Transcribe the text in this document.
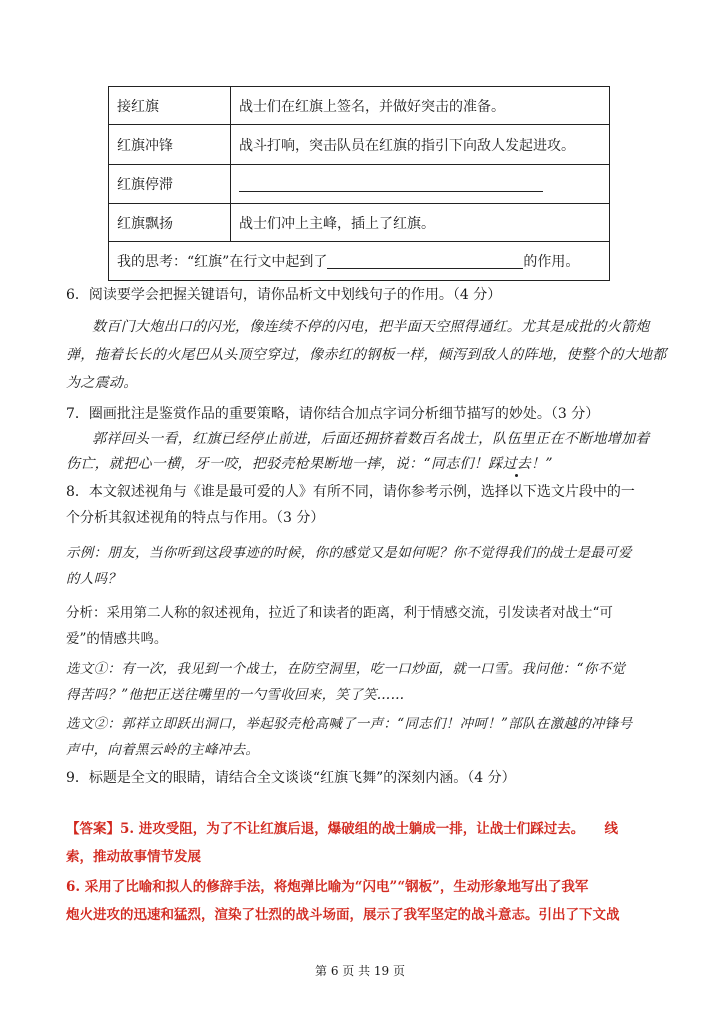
接红旗	战士们在红旗上签名，并做好突击的准备。
红旗冲锋	战斗打响，突击队员在红旗的指引下向敌人发起进攻。
红旗停滞
红旗飘扬	战士们冲上主峰，插上了红旗。
我的思考：“红旗”在行文中起到了	的作用。
6．阅读要学会把握关键语句，请你品析文中划线句子的作用。（4 分）
数百门大炮出口的闪光，像连续不停的闪电，把半面天空照得通红。尤其是成批的火箭炮
弹，拖着长长的火尾巴从头顶空穿过，像赤红的钢板一样，倾泻到敌人的阵地，使整个的大地都
为之震动。
7．圈画批注是鉴赏作品的重要策略，请你结合加点字词分析细节描写的妙处。（3 分）
郭祥回头一看，红旗已经停止前进，后面还拥挤着数百名战士，队伍里正在不断地增加着
伤亡，就把心一横，牙一咬，把驳壳枪果断地一摔，说：“同志们！踩过去！”
8．本文叙述视角与《谁是最可爱的人》有所不同，请你参考示例，选择以下选文片段中的一
个分析其叙述视角的特点与作用。（3 分）
示例：朋友，当你听到这段事迹的时候，你的感觉又是如何呢？你不觉得我们的战士是最可爱
的人吗？
分析：采用第二人称的叙述视角，拉近了和读者的距离，利于情感交流，引发读者对战士“可
爱”的情感共鸣。
选文①：有一次，我见到一个战士，在防空洞里，吃一口炒面，就一口雪。我问他：“你不觉
得苦吗？”他把正送往嘴里的一勺雪收回来，笑了笑……
选文②：郭祥立即跃出洞口，举起驳壳枪高喊了一声：“同志们！冲呵！”部队在激越的冲锋号
声中，向着黑云岭的主峰冲去。
9．标题是全文的眼睛，请结合全文谈谈“红旗飞舞”的深刻内涵。（4 分）
【答案】5. 进攻受阻，为了不让红旗后退，爆破组的战士躺成一排，让战士们踩过去。　　线
索，推动故事情节发展
6. 采用了比喻和拟人的修辞手法，将炮弹比喻为“闪电”“钢板”，生动形象地写出了我军
炮火进攻的迅速和猛烈，渲染了壮烈的战斗场面，展示了我军坚定的战斗意志。引出了下文战
第 6 页 共 19 页
